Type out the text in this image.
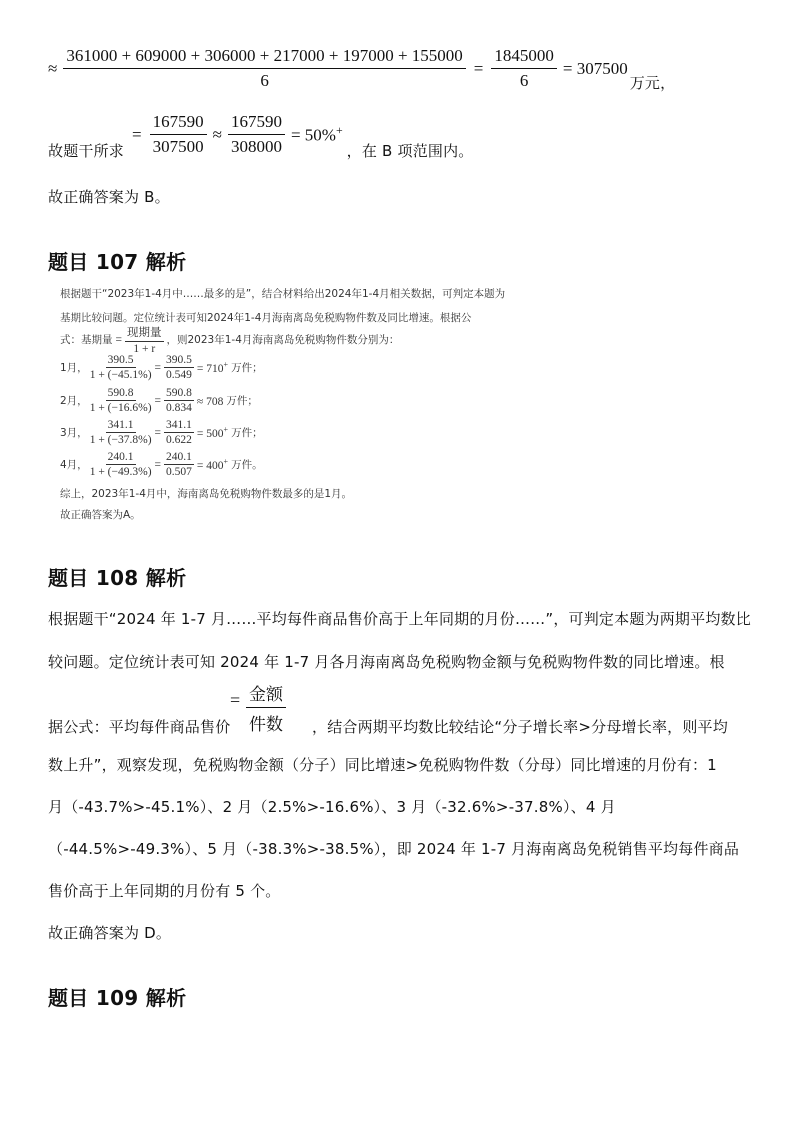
≈ $\frac{361000 + 609000 + 306000 + 217000 + 197000 + 155000}{6} = \frac{1845000}{6} = 307500$
万元，
故题干所求
= $\frac{167590}{307500} \approx \frac{167590}{308000} = 50\%^+$
，在 B 项范围内。
故正确答案为 B。
题目 107 解析
根据题干“2023年1-4月中……最多的是”，结合材料给出2024年1-4月相关数据，可判定本题为
基期比较问题。定位统计表可知2024年1-4月海南离岛免税购物件数及同比增速。根据公
式：基期量 = $\frac{\text{现期量}}{1 + r}$ ，则2023年1-4月海南离岛免税购物件数分别为：
1月， $\frac{390.5}{1 + (-45.1\%)} = \frac{390.5}{0.549} = 710^+$ 万件；
2月， $\frac{590.8}{1 + (-16.6\%)} = \frac{590.8}{0.834} \approx 708$ 万件；
3月， $\frac{341.1}{1 + (-37.8\%)} = \frac{341.1}{0.622} = 500^+$ 万件；
4月， $\frac{240.1}{1 + (-49.3\%)} = \frac{240.1}{0.507} = 400^+$ 万件。
综上，2023年1-4月中，海南离岛免税购物件数最多的是1月。
故正确答案为A。
题目 108 解析
根据题干“2024 年 1-7 月……平均每件商品售价高于上年同期的月份……”，可判定本题为两期平均数比
较问题。定位统计表可知 2024 年 1-7 月各月海南离岛免税购物金额与免税购物件数的同比增速。根
金额
件数
=
据公式：平均每件商品售价	，结合两期平均数比较结论“分子增长率>分母增长率，则平均
数上升”，观察发现，免税购物金额（分子）同比增速>免税购物件数（分母）同比增速的月份有：1
月（-43.7%>-45.1%）、2 月（2.5%>-16.6%）、3 月（-32.6%>-37.8%）、4 月
（-44.5%>-49.3%）、5 月（-38.3%>-38.5%），即 2024 年 1-7 月海南离岛免税销售平均每件商品
售价高于上年同期的月份有 5 个。
故正确答案为 D。
题目 109 解析
